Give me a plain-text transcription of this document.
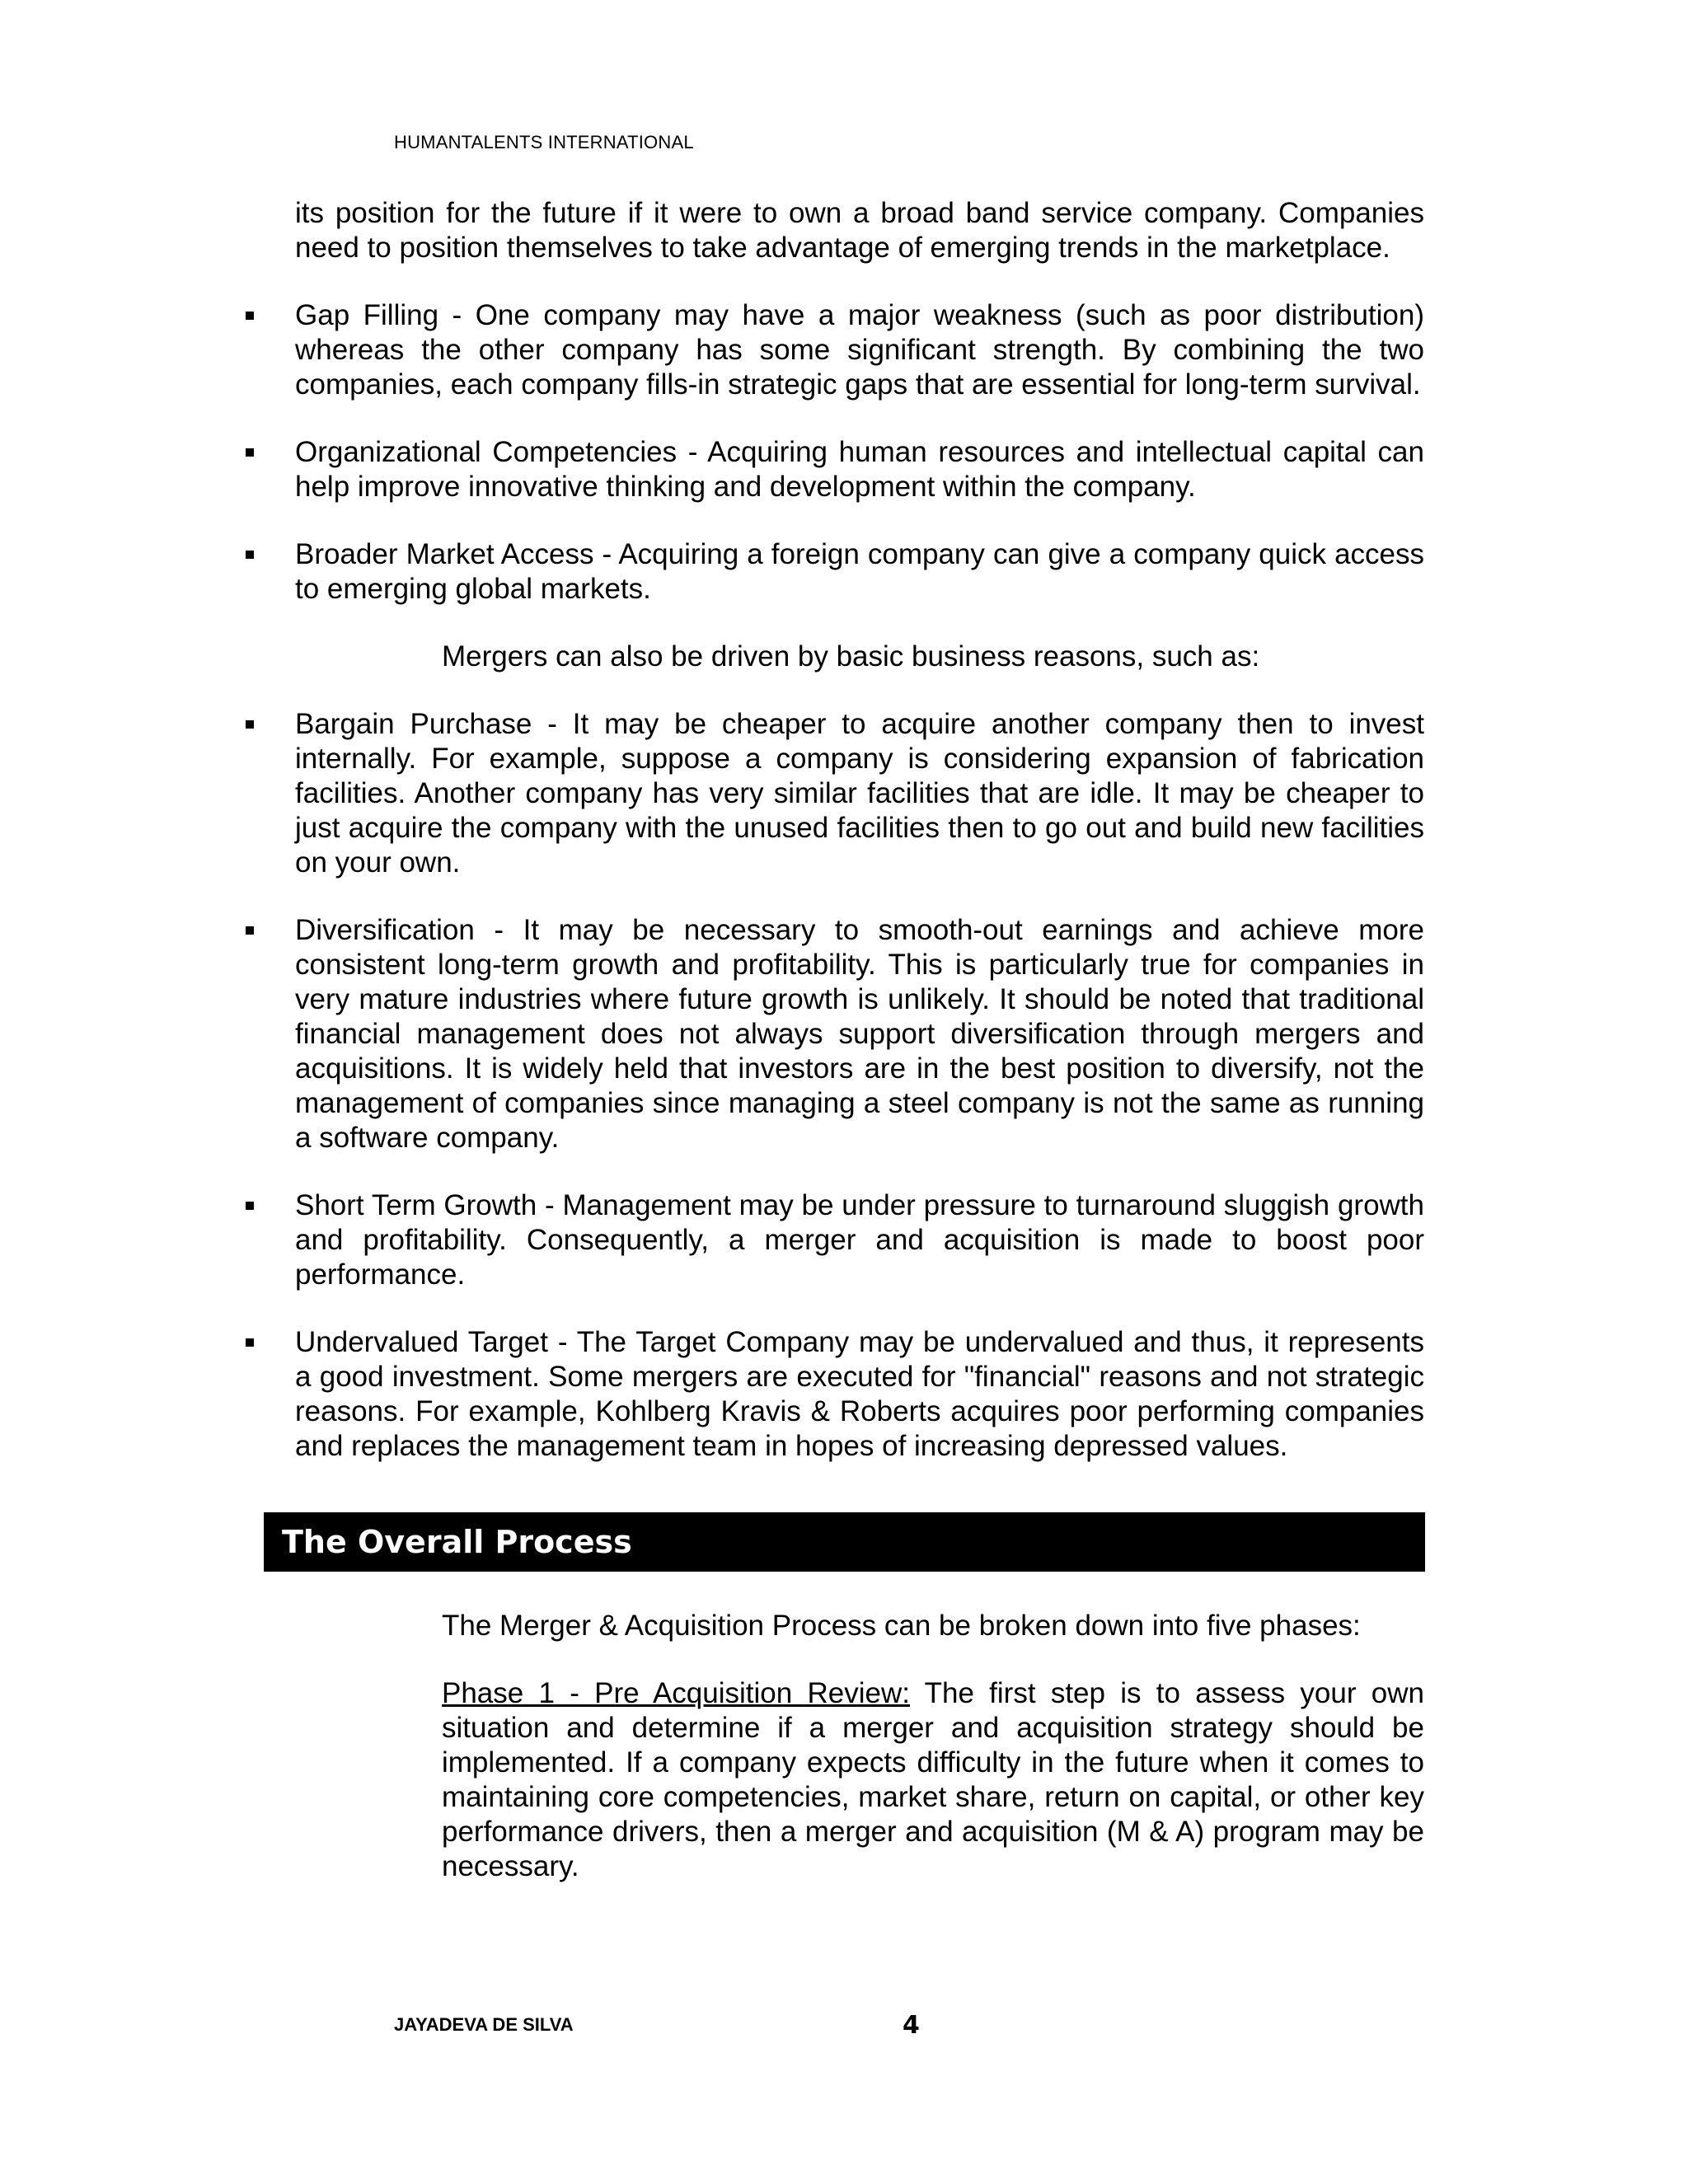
HUMANTALENTS INTERNATIONAL

its position for the future if it were to own a broad band service company. Companies need to position themselves to take advantage of emerging trends in the marketplace.

Gap Filling - One company may have a major weakness (such as poor distribution) whereas the other company has some significant strength. By combining the two companies, each company fills-in strategic gaps that are essential for long-term survival.

Organizational Competencies - Acquiring human resources and intellectual capital can help improve innovative thinking and development within the company.

Broader Market Access - Acquiring a foreign company can give a company quick access to emerging global markets.

Mergers can also be driven by basic business reasons, such as:

Bargain Purchase - It may be cheaper to acquire another company then to invest internally. For example, suppose a company is considering expansion of fabrication facilities. Another company has very similar facilities that are idle. It may be cheaper to just acquire the company with the unused facilities then to go out and build new facilities on your own.

Diversification - It may be necessary to smooth-out earnings and achieve more consistent long-term growth and profitability. This is particularly true for companies in very mature industries where future growth is unlikely. It should be noted that traditional financial management does not always support diversification through mergers and acquisitions. It is widely held that investors are in the best position to diversify, not the management of companies since managing a steel company is not the same as running a software company.

Short Term Growth - Management may be under pressure to turnaround sluggish growth and profitability. Consequently, a merger and acquisition is made to boost poor performance.

Undervalued Target - The Target Company may be undervalued and thus, it represents a good investment. Some mergers are executed for "financial" reasons and not strategic reasons. For example, Kohlberg Kravis & Roberts acquires poor performing companies and replaces the management team in hopes of increasing depressed values.

The Overall Process

The Merger & Acquisition Process can be broken down into five phases:

Phase 1 - Pre Acquisition Review: The first step is to assess your own situation and determine if a merger and acquisition strategy should be implemented. If a company expects difficulty in the future when it comes to maintaining core competencies, market share, return on capital, or other key performance drivers, then a merger and acquisition (M & A) program may be necessary.

JAYADEVA DE SILVA	4
